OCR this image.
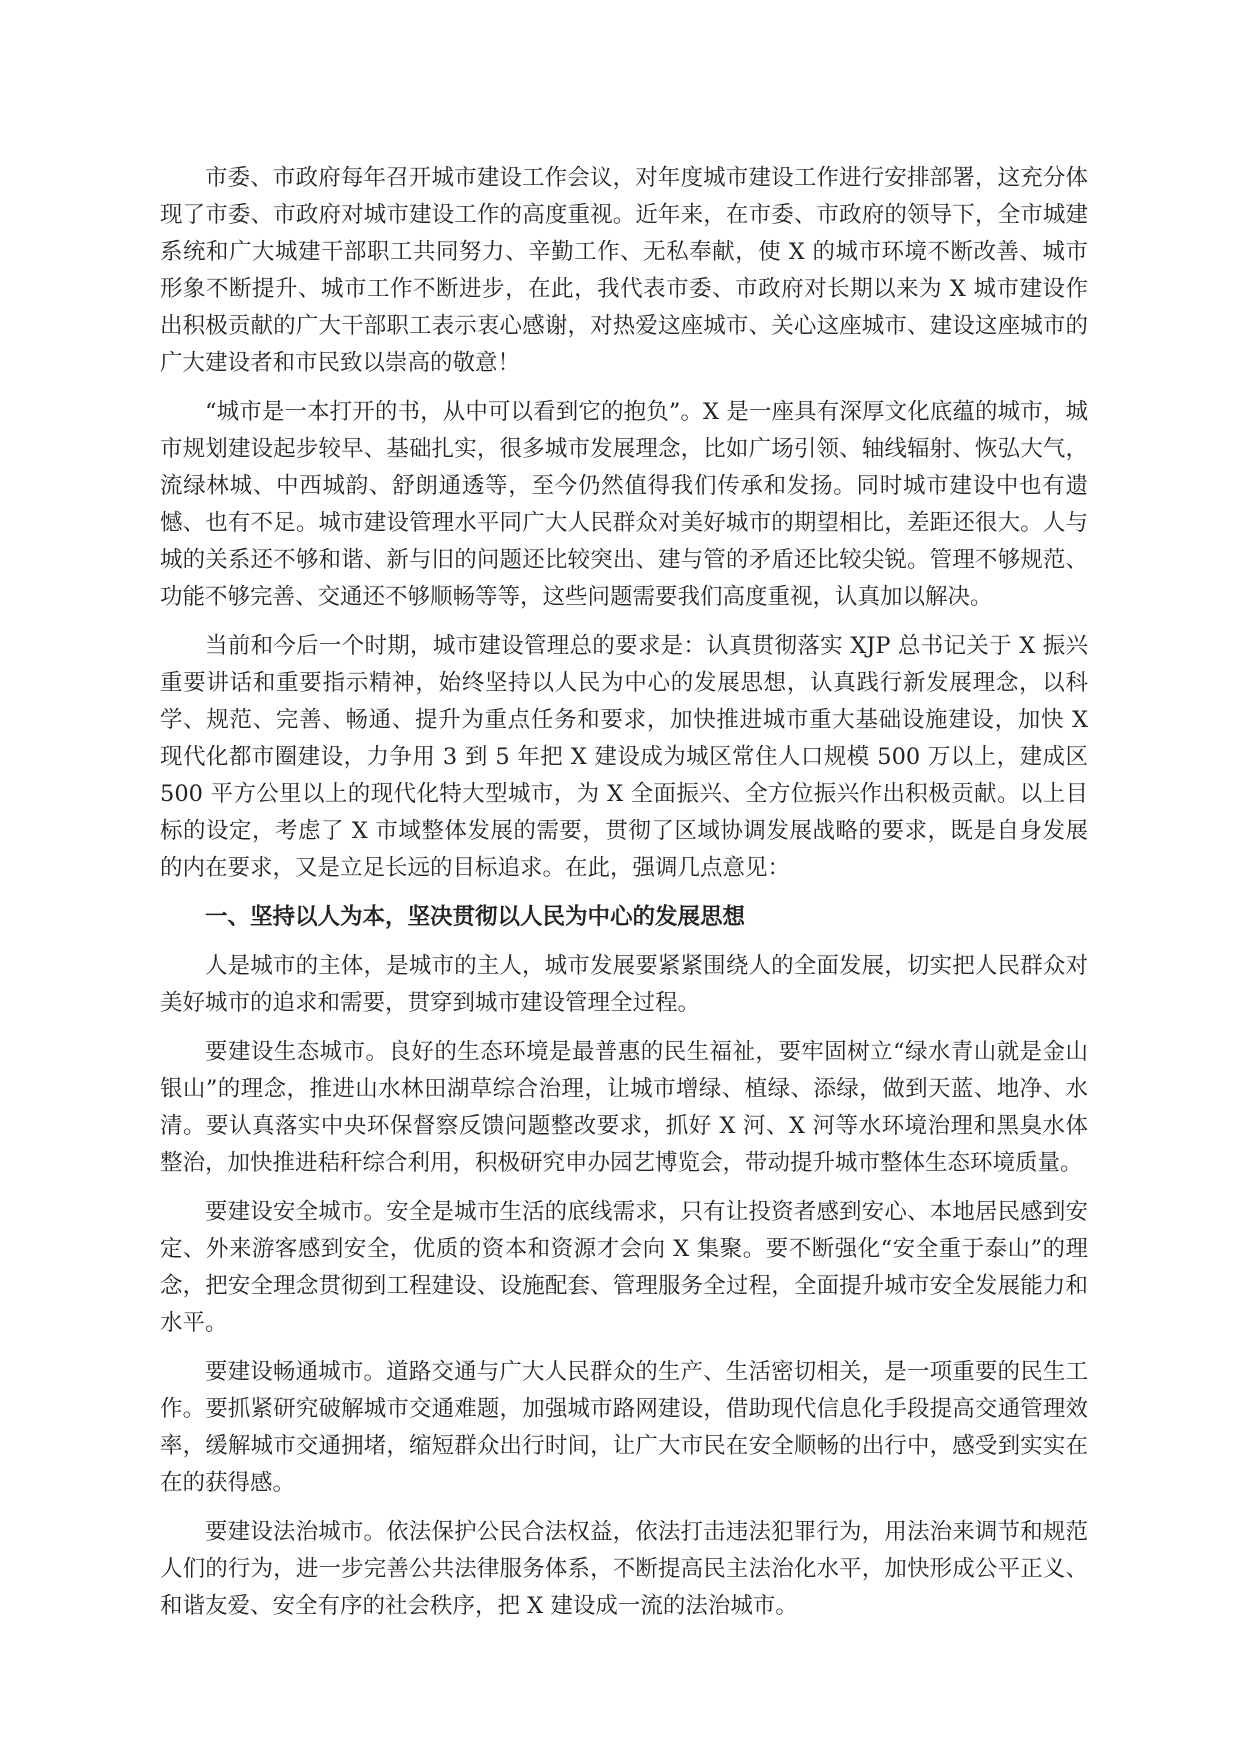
市委、市政府每年召开城市建设工作会议，对年度城市建设工作进行安排部署，这充分体现了市委、市政府对城市建设工作的高度重视。近年来，在市委、市政府的领导下，全市城建系统和广大城建干部职工共同努力、辛勤工作、无私奉献，使 X 的城市环境不断改善、城市形象不断提升、城市工作不断进步，在此，我代表市委、市政府对长期以来为 X 城市建设作出积极贡献的广大干部职工表示衷心感谢，对热爱这座城市、关心这座城市、建设这座城市的广大建设者和市民致以崇高的敬意！

“城市是一本打开的书，从中可以看到它的抱负”。X 是一座具有深厚文化底蕴的城市，城市规划建设起步较早、基础扎实，很多城市发展理念，比如广场引领、轴线辐射、恢弘大气，流绿林城、中西城韵、舒朗通透等，至今仍然值得我们传承和发扬。同时城市建设中也有遗憾、也有不足。城市建设管理水平同广大人民群众对美好城市的期望相比，差距还很大。人与城的关系还不够和谐、新与旧的问题还比较突出、建与管的矛盾还比较尖锐。管理不够规范、功能不够完善、交通还不够顺畅等等，这些问题需要我们高度重视，认真加以解决。

当前和今后一个时期，城市建设管理总的要求是：认真贯彻落实 XJP 总书记关于 X 振兴重要讲话和重要指示精神，始终坚持以人民为中心的发展思想，认真践行新发展理念，以科学、规范、完善、畅通、提升为重点任务和要求，加快推进城市重大基础设施建设，加快 X 现代化都市圈建设，力争用 3 到 5 年把 X 建设成为城区常住人口规模 500 万以上，建成区 500 平方公里以上的现代化特大型城市，为 X 全面振兴、全方位振兴作出积极贡献。以上目标的设定，考虑了 X 市域整体发展的需要，贯彻了区域协调发展战略的要求，既是自身发展的内在要求，又是立足长远的目标追求。在此，强调几点意见：

一、坚持以人为本，坚决贯彻以人民为中心的发展思想

人是城市的主体，是城市的主人，城市发展要紧紧围绕人的全面发展，切实把人民群众对美好城市的追求和需要，贯穿到城市建设管理全过程。

要建设生态城市。良好的生态环境是最普惠的民生福祉，要牢固树立“绿水青山就是金山银山”的理念，推进山水林田湖草综合治理，让城市增绿、植绿、添绿，做到天蓝、地净、水清。要认真落实中央环保督察反馈问题整改要求，抓好 X 河、X 河等水环境治理和黑臭水体整治，加快推进秸秆综合利用，积极研究申办园艺博览会，带动提升城市整体生态环境质量。

要建设安全城市。安全是城市生活的底线需求，只有让投资者感到安心、本地居民感到安定、外来游客感到安全，优质的资本和资源才会向 X 集聚。要不断强化“安全重于泰山”的理念，把安全理念贯彻到工程建设、设施配套、管理服务全过程，全面提升城市安全发展能力和水平。

要建设畅通城市。道路交通与广大人民群众的生产、生活密切相关，是一项重要的民生工作。要抓紧研究破解城市交通难题，加强城市路网建设，借助现代信息化手段提高交通管理效率，缓解城市交通拥堵，缩短群众出行时间，让广大市民在安全顺畅的出行中，感受到实实在在的获得感。

要建设法治城市。依法保护公民合法权益，依法打击违法犯罪行为，用法治来调节和规范人们的行为，进一步完善公共法律服务体系，不断提高民主法治化水平，加快形成公平正义、和谐友爱、安全有序的社会秩序，把 X 建设成一流的法治城市。
